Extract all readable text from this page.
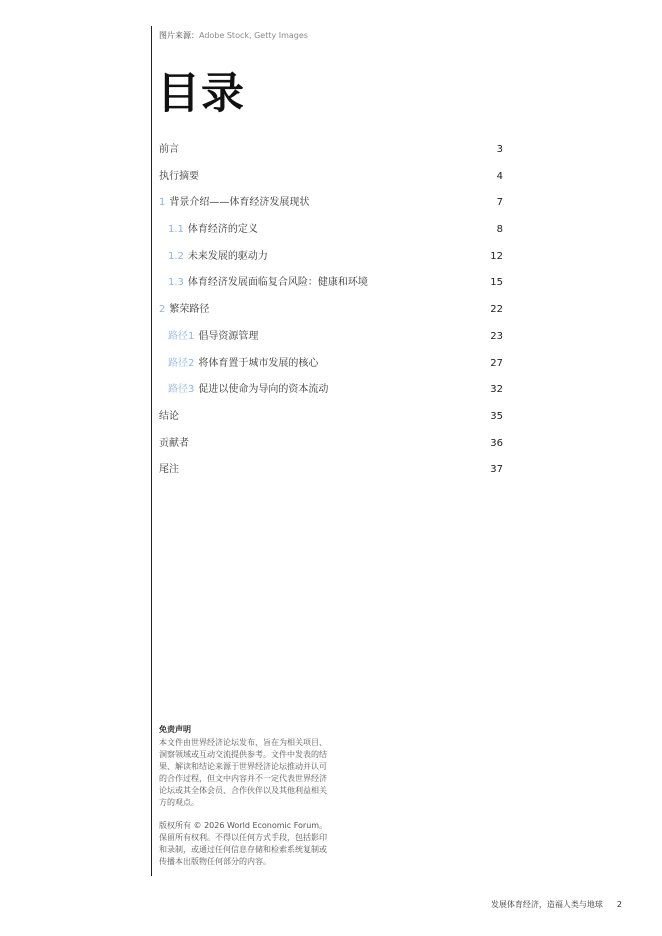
图片来源：Adobe Stock, Getty Images
目录
前言	3
执行摘要	4
1 背景介绍——体育经济发展现状	7
1.1 体育经济的定义	8
1.2 未来发展的驱动力	12
1.3 体育经济发展面临复合风险：健康和环境	15
2 繁荣路径	22
路径1 倡导资源管理	23
路径2 将体育置于城市发展的核心	27
路径3 促进以使命为导向的资本流动	32
结论	35
贡献者	36
尾注	37
免责声明

本文件由世界经济论坛发布，旨在为相关项目、洞察领域或互动交流提供参考。文件中发表的结果、解读和结论来源于世界经济论坛推动并认可的合作过程，但文中内容并不一定代表世界经济论坛或其全体会员、合作伙伴以及其他利益相关方的观点。

版权所有 © 2026 World Economic Forum。保留所有权利。不得以任何方式手段，包括影印和录制，或通过任何信息存储和检索系统复制或传播本出版物任何部分的内容。

发展体育经济，造福人类与地球 2
